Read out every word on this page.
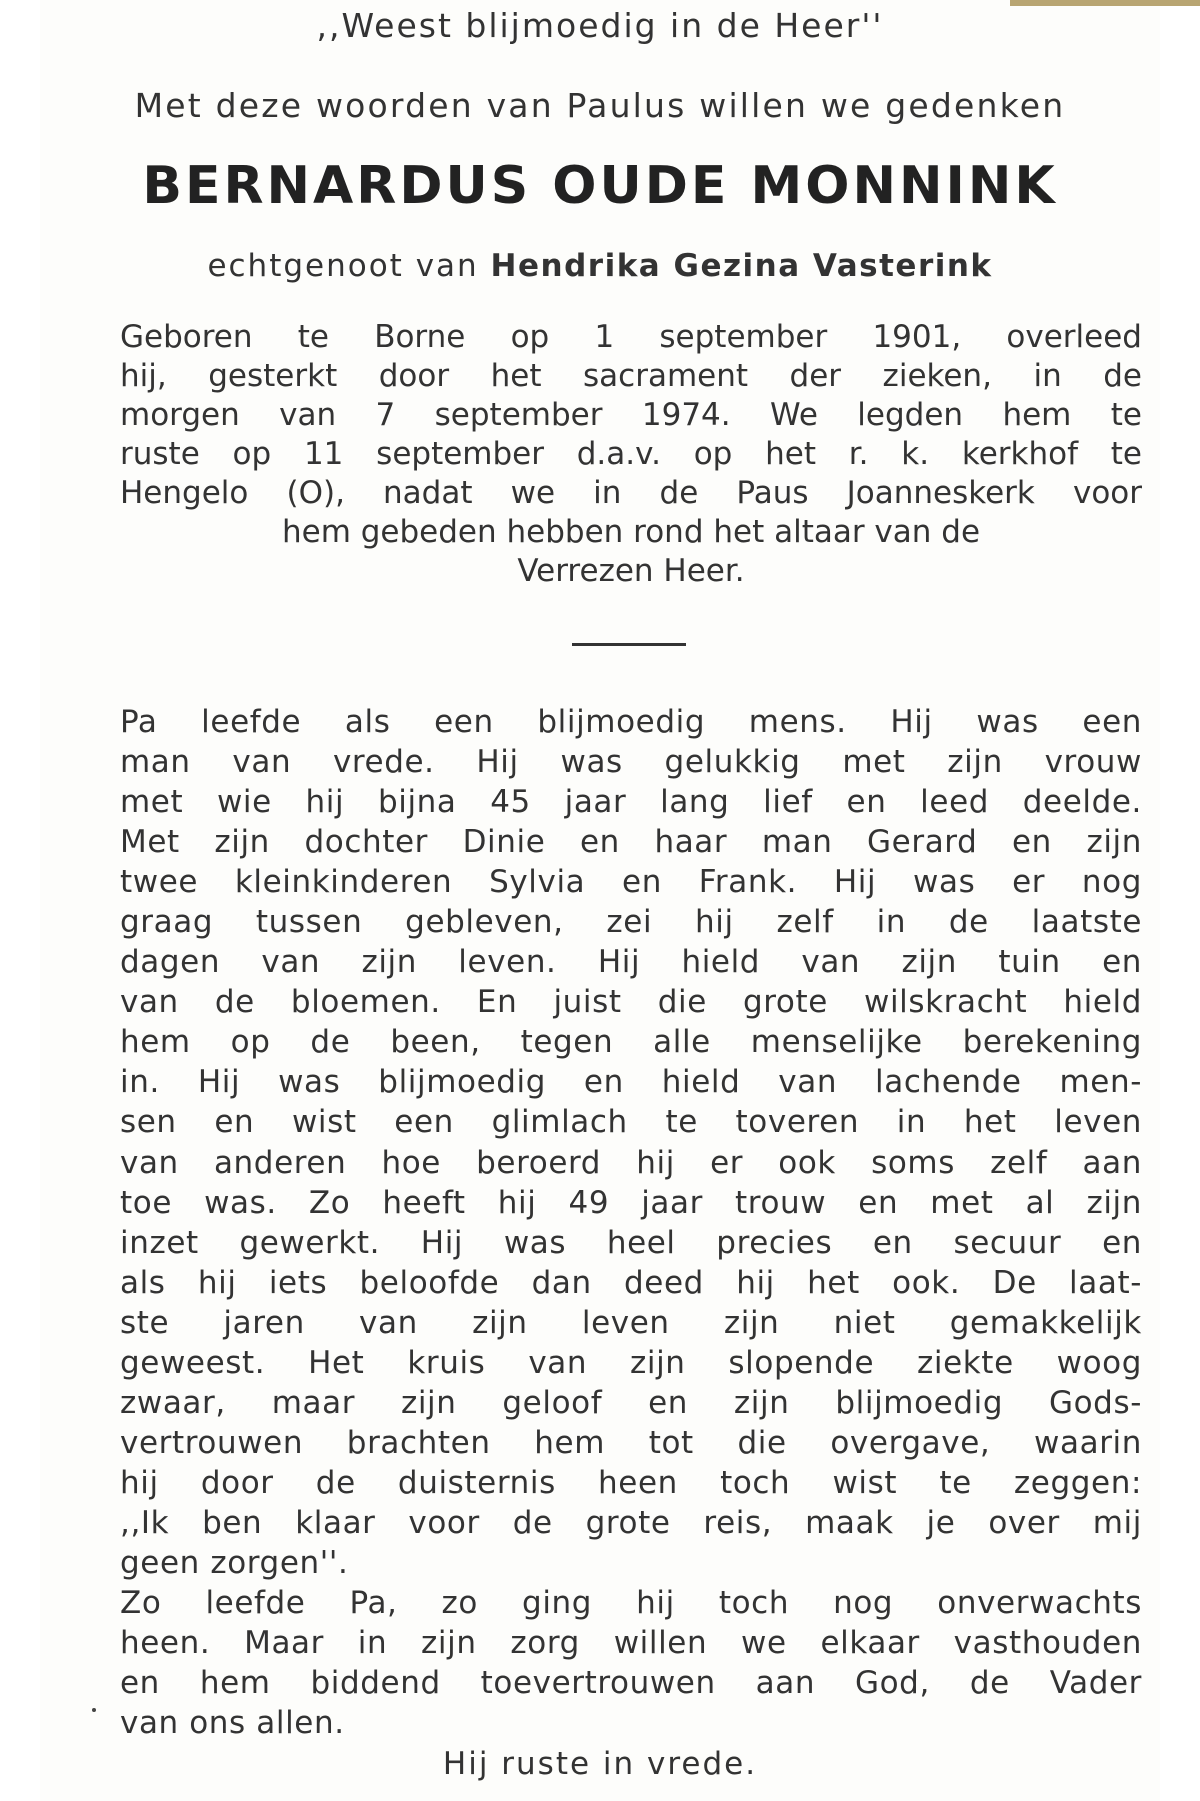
,,Weest blijmoedig in de Heer''
Met deze woorden van Paulus willen we gedenken
BERNARDUS OUDE MONNINK
echtgenoot van Hendrika Gezina Vasterink
Geboren te Borne op 1 september 1901, overleed
hij, gesterkt door het sacrament der zieken, in de
morgen van 7 september 1974. We legden hem te
ruste op 11 september d.a.v. op het r. k. kerkhof te
Hengelo (O), nadat we in de Paus Joanneskerk voor
hem gebeden hebben rond het altaar van de
Verrezen Heer.
Pa leefde als een blijmoedig mens. Hij was een
man van vrede. Hij was gelukkig met zijn vrouw
met wie hij bijna 45 jaar lang lief en leed deelde.
Met zijn dochter Dinie en haar man Gerard en zijn
twee kleinkinderen Sylvia en Frank. Hij was er nog
graag tussen gebleven, zei hij zelf in de laatste
dagen van zijn leven. Hij hield van zijn tuin en
van de bloemen. En juist die grote wilskracht hield
hem op de been, tegen alle menselijke berekening
in. Hij was blijmoedig en hield van lachende men-
sen en wist een glimlach te toveren in het leven
van anderen hoe beroerd hij er ook soms zelf aan
toe was. Zo heeft hij 49 jaar trouw en met al zijn
inzet gewerkt. Hij was heel precies en secuur en
als hij iets beloofde dan deed hij het ook. De laat-
ste jaren van zijn leven zijn niet gemakkelijk
geweest. Het kruis van zijn slopende ziekte woog
zwaar, maar zijn geloof en zijn blijmoedig Gods-
vertrouwen brachten hem tot die overgave, waarin
hij door de duisternis heen toch wist te zeggen:
,,Ik ben klaar voor de grote reis, maak je over mij
geen zorgen''.
Zo leefde Pa, zo ging hij toch nog onverwachts
heen. Maar in zijn zorg willen we elkaar vasthouden
en hem biddend toevertrouwen aan God, de Vader
van ons allen.
Hij ruste in vrede.
